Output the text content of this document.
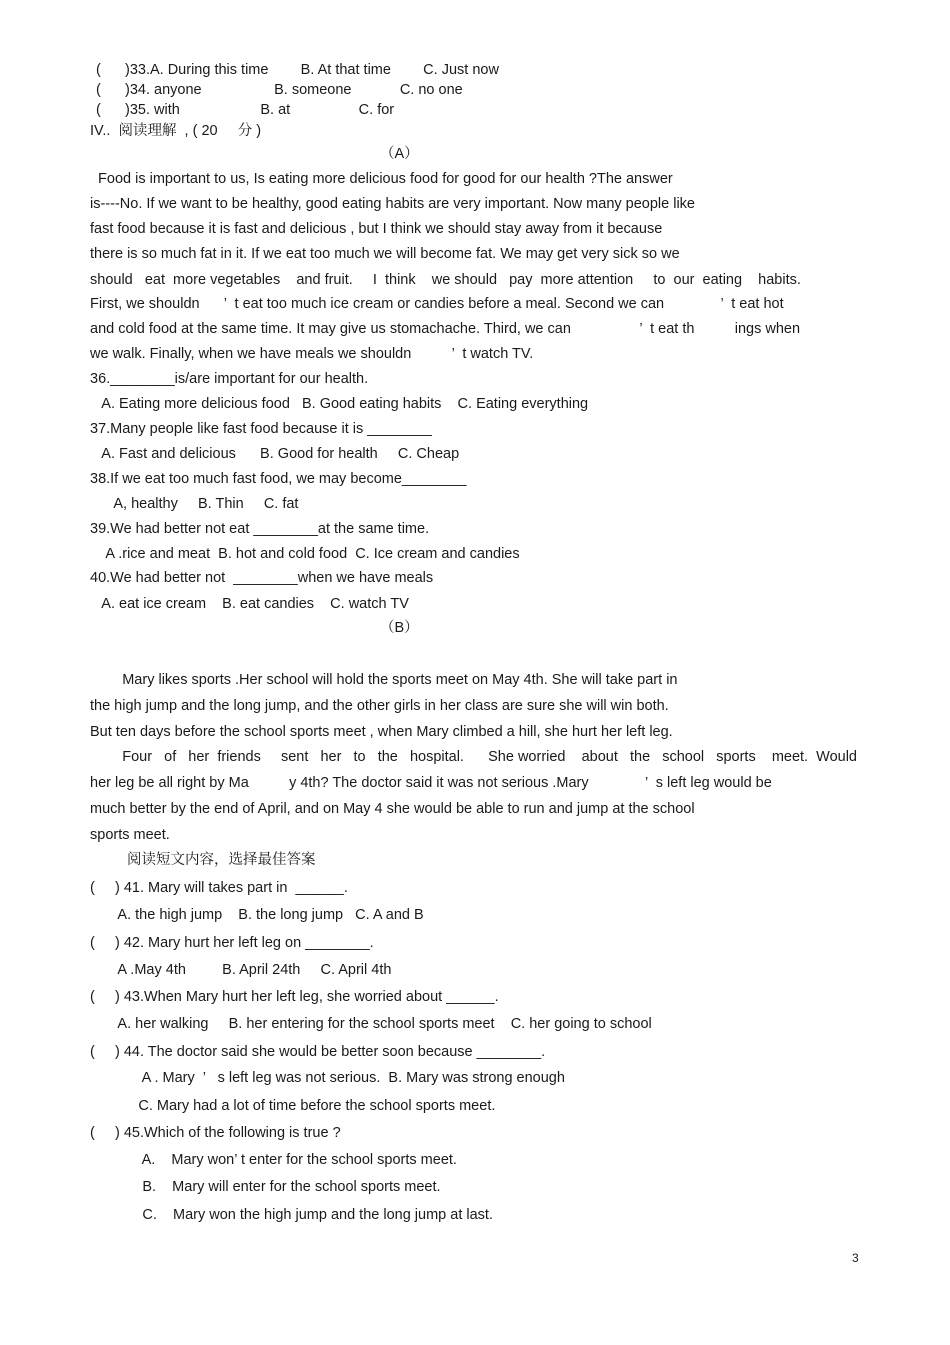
(      )33.A. During this time        B. At that time        C. Just now
(      )34. anyone                  B. someone            C. no one
(      )35. with                    B. at                 C. for
IV..  阅读理解  , ( 20     分 )
（A）
Food is important to us, Is eating more delicious food for good for our health ?The answer
is----No. If we want to be healthy, good eating habits are very important. Now many people like
fast food because it is fast and delicious , but I think we should stay away from it because
there is so much fat in it. If we eat too much we will become fat. We may get very sick so we
should   eat  more vegetables    and fruit.     I  think    we should   pay  more attention     to  our  eating    habits.
First, we shouldn      ’  t eat too much ice cream or candies before a meal. Second we can              ’  t eat hot
and cold food at the same time. It may give us stomachache. Third, we can                 ’  t eat th          ings when
we walk. Finally, when we have meals we shouldn          ’  t watch TV.
36.________is/are important for our health.
A. Eating more delicious food   B. Good eating habits    C. Eating everything
37.Many people like fast food because it is ________
A. Fast and delicious      B. Good for health     C. Cheap
38.If we eat too much fast food, we may become________
A, healthy     B. Thin     C. fat
39.We had better not eat ________at the same time.
A .rice and meat  B. hot and cold food  C. Ice cream and candies
40.We had better not  ________when we have meals
A. eat ice cream    B. eat candies    C. watch TV
（B）
Mary likes sports .Her school will hold the sports meet on May 4th. She will take part in
the high jump and the long jump, and the other girls in her class are sure she will win both.
But ten days before the school sports meet , when Mary climbed a hill, she hurt her left leg.
Four   of   her  friends     sent   her   to   the   hospital.      She worried    about   the   school   sports    meet.  Would
her leg be all right by Ma          y 4th? The doctor said it was not serious .Mary              ’  s left leg would be
much better by the end of April, and on May 4 she would be able to run and jump at the school
sports meet.
阅读短文内容，选择最佳答案
(     ) 41. Mary will takes part in  ______.
A. the high jump    B. the long jump   C. A and B
(     ) 42. Mary hurt her left leg on ________.
A .May 4th         B. April 24th     C. April 4th
(     ) 43.When Mary hurt her left leg, she worried about ______.
A. her walking     B. her entering for the school sports meet    C. her going to school
(     ) 44. The doctor said she would be better soon because ________.
A . Mary  ’   s left leg was not serious.  B. Mary was strong enough
C. Mary had a lot of time before the school sports meet.
(     ) 45.Which of the following is true ?
A.    Mary won’ t enter for the school sports meet.
B.    Mary will enter for the school sports meet.
C.    Mary won the high jump and the long jump at last.
3
